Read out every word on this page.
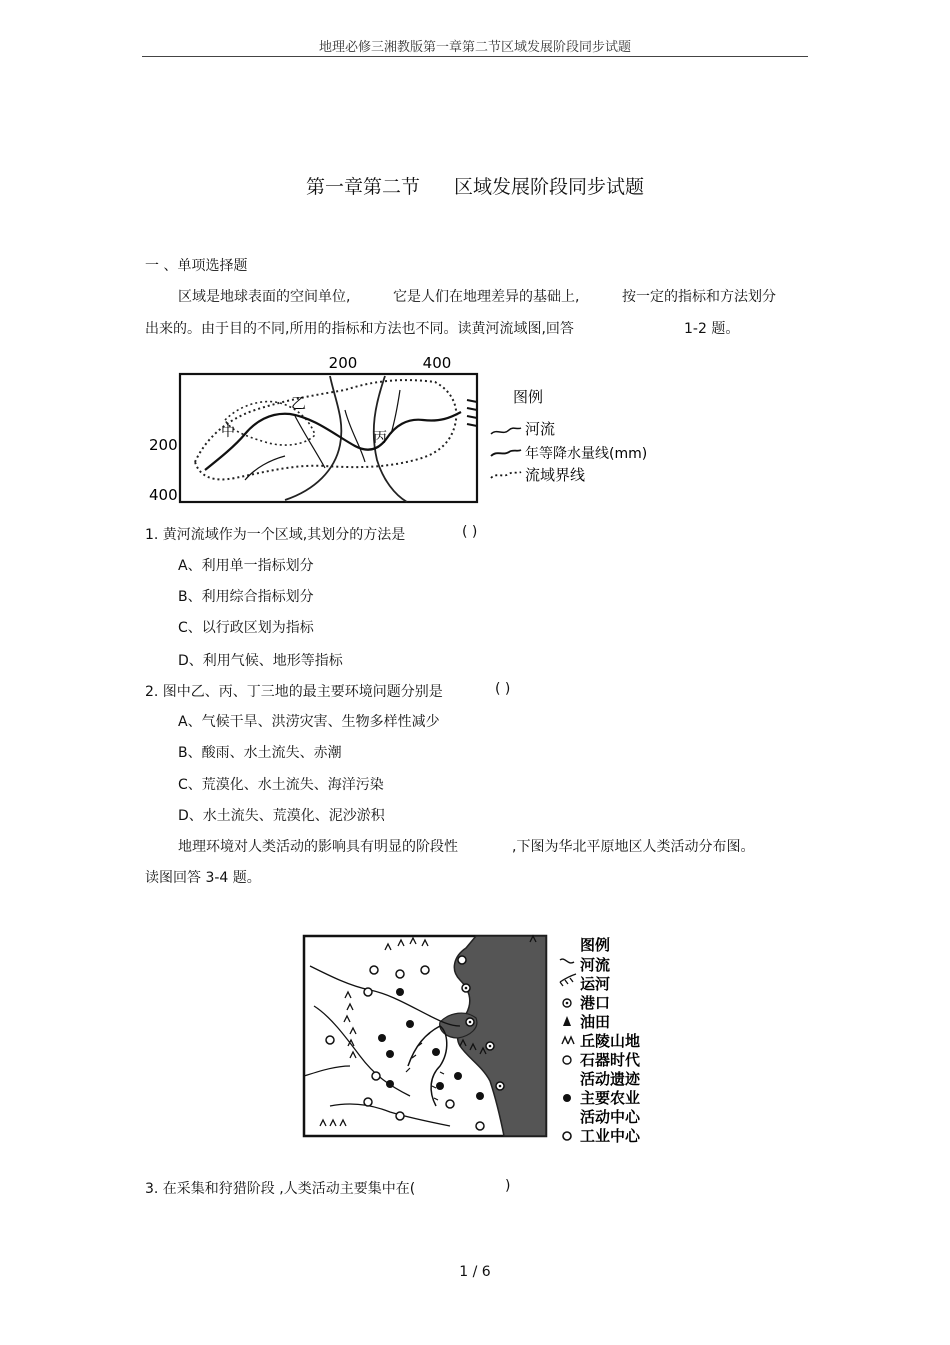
地理必修三湘教版第一章第二节区域发展阶段同步试题
第一章第二节 区域发展阶段同步试题
一 、单项选择题
区域是地球表面的空间单位,	它是人们在地理差异的基础上,	按一定的指标和方法划分
出来的。由于目的不同,所用的指标和方法也不同。读黄河流域图,回答	1-2 题。
200	400
200
400
乙
中	丙
图例
河流
年等降水量线(mm)
流域界线
1. 黄河流域作为一个区域,其划分的方法是	( )
A、利用单一指标划分
B、利用综合指标划分
C、以行政区划为指标
D、利用气候、地形等指标
2. 图中乙、丙、丁三地的最主要环境问题分别是	( )
A、气候干旱、洪涝灾害、生物多样性减少
B、酸雨、水土流失、赤潮
C、荒漠化、水土流失、海洋污染
D、水土流失、荒漠化、泥沙淤积
地理环境对人类活动的影响具有明显的阶段性	,下图为华北平原地区人类活动分布图。
读图回答 3-4 题。
图例
河流
运河
港口
油田
丘陵山地
石器时代
活动遗迹
主要农业
活动中心
工业中心
3. 在采集和狩猎阶段 ,人类活动主要集中在(	)
1 / 6
